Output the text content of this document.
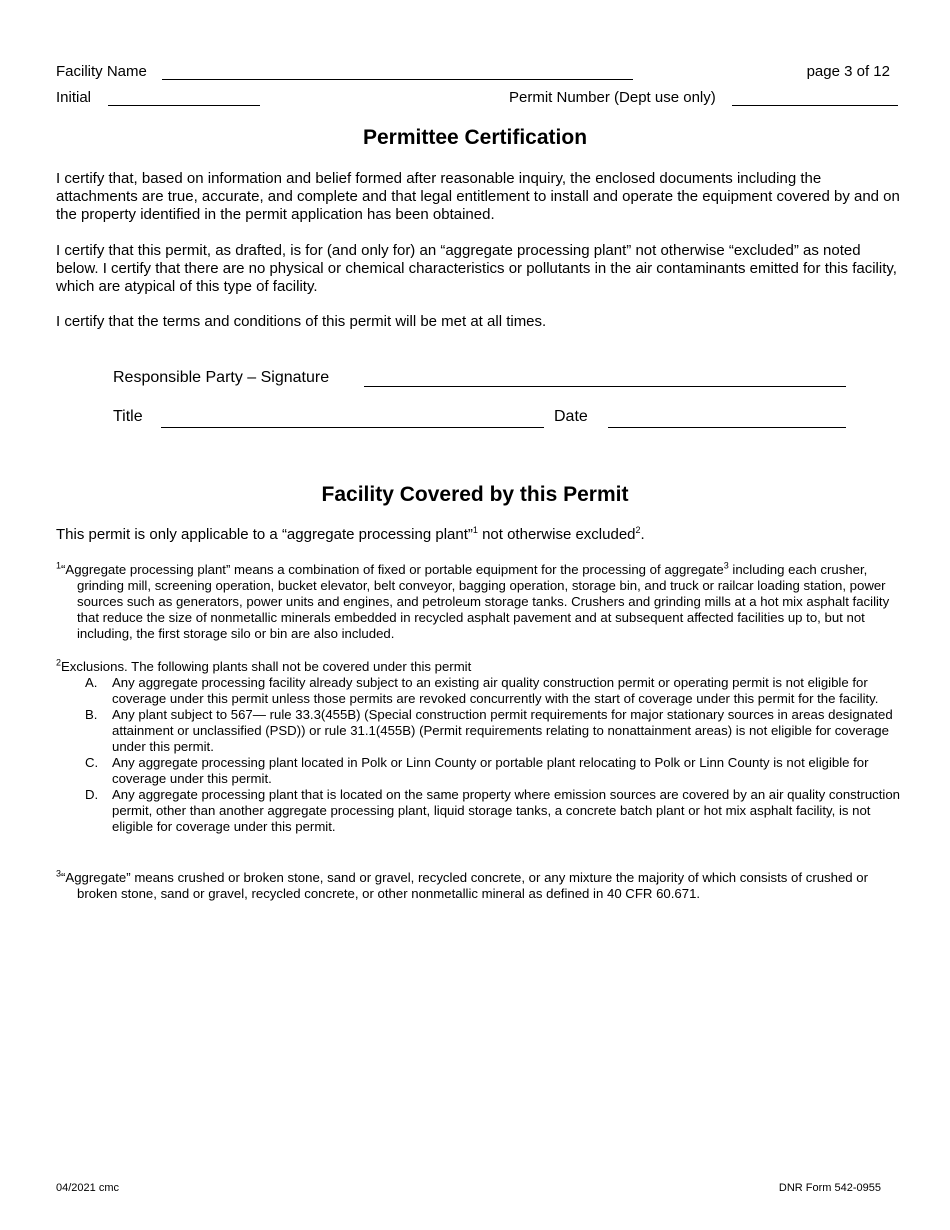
Facility Name	page 3 of 12
Initial	Permit Number (Dept use only)
Permittee Certification
I certify that, based on information and belief formed after reasonable inquiry, the enclosed documents including the attachments are true, accurate, and complete and that legal entitlement to install and operate the equipment covered by and on the property identified in the permit application has been obtained.
I certify that this permit, as drafted, is for (and only for) an “aggregate processing plant” not otherwise “excluded” as noted below. I certify that there are no physical or chemical characteristics or pollutants in the air contaminants emitted for this facility, which are atypical of this type of facility.
I certify that the terms and conditions of this permit will be met at all times.
Responsible Party – Signature
Title	Date
Facility Covered by this Permit
This permit is only applicable to a “aggregate processing plant”$^1$ not otherwise excluded$^2$.

$^1$“Aggregate processing plant” means a combination of fixed or portable equipment for the processing of aggregate$^3$ including each crusher, grinding mill, screening operation, bucket elevator, belt conveyor, bagging operation, storage bin, and truck or railcar loading station, power sources such as generators, power units and engines, and petroleum storage tanks. Crushers and grinding mills at a hot mix asphalt facility that reduce the size of nonmetallic minerals embedded in recycled asphalt pavement and at subsequent affected facilities up to, but not including, the first storage silo or bin are also included.

$^2$Exclusions. The following plants shall not be covered under this permit

A. Any aggregate processing facility already subject to an existing air quality construction permit or operating permit is not eligible for coverage under this permit unless those permits are revoked concurrently with the start of coverage under this permit for the facility.
B. Any plant subject to 567— rule 33.3(455B) (Special construction permit requirements for major stationary sources in areas designated attainment or unclassified (PSD)) or rule 31.1(455B) (Permit requirements relating to nonattainment areas) is not eligible for coverage under this permit.
C. Any aggregate processing plant located in Polk or Linn County or portable plant relocating to Polk or Linn County is not eligible for coverage under this permit.
D. Any aggregate processing plant that is located on the same property where emission sources are covered by an air quality construction permit, other than another aggregate processing plant, liquid storage tanks, a concrete batch plant or hot mix asphalt facility, is not eligible for coverage under this permit.

$^3$“Aggregate” means crushed or broken stone, sand or gravel, recycled concrete, or any mixture the majority of which consists of crushed or broken stone, sand or gravel, recycled concrete, or other nonmetallic mineral as defined in 40 CFR 60.671.

04/2021 cmc	DNR Form 542-0955
